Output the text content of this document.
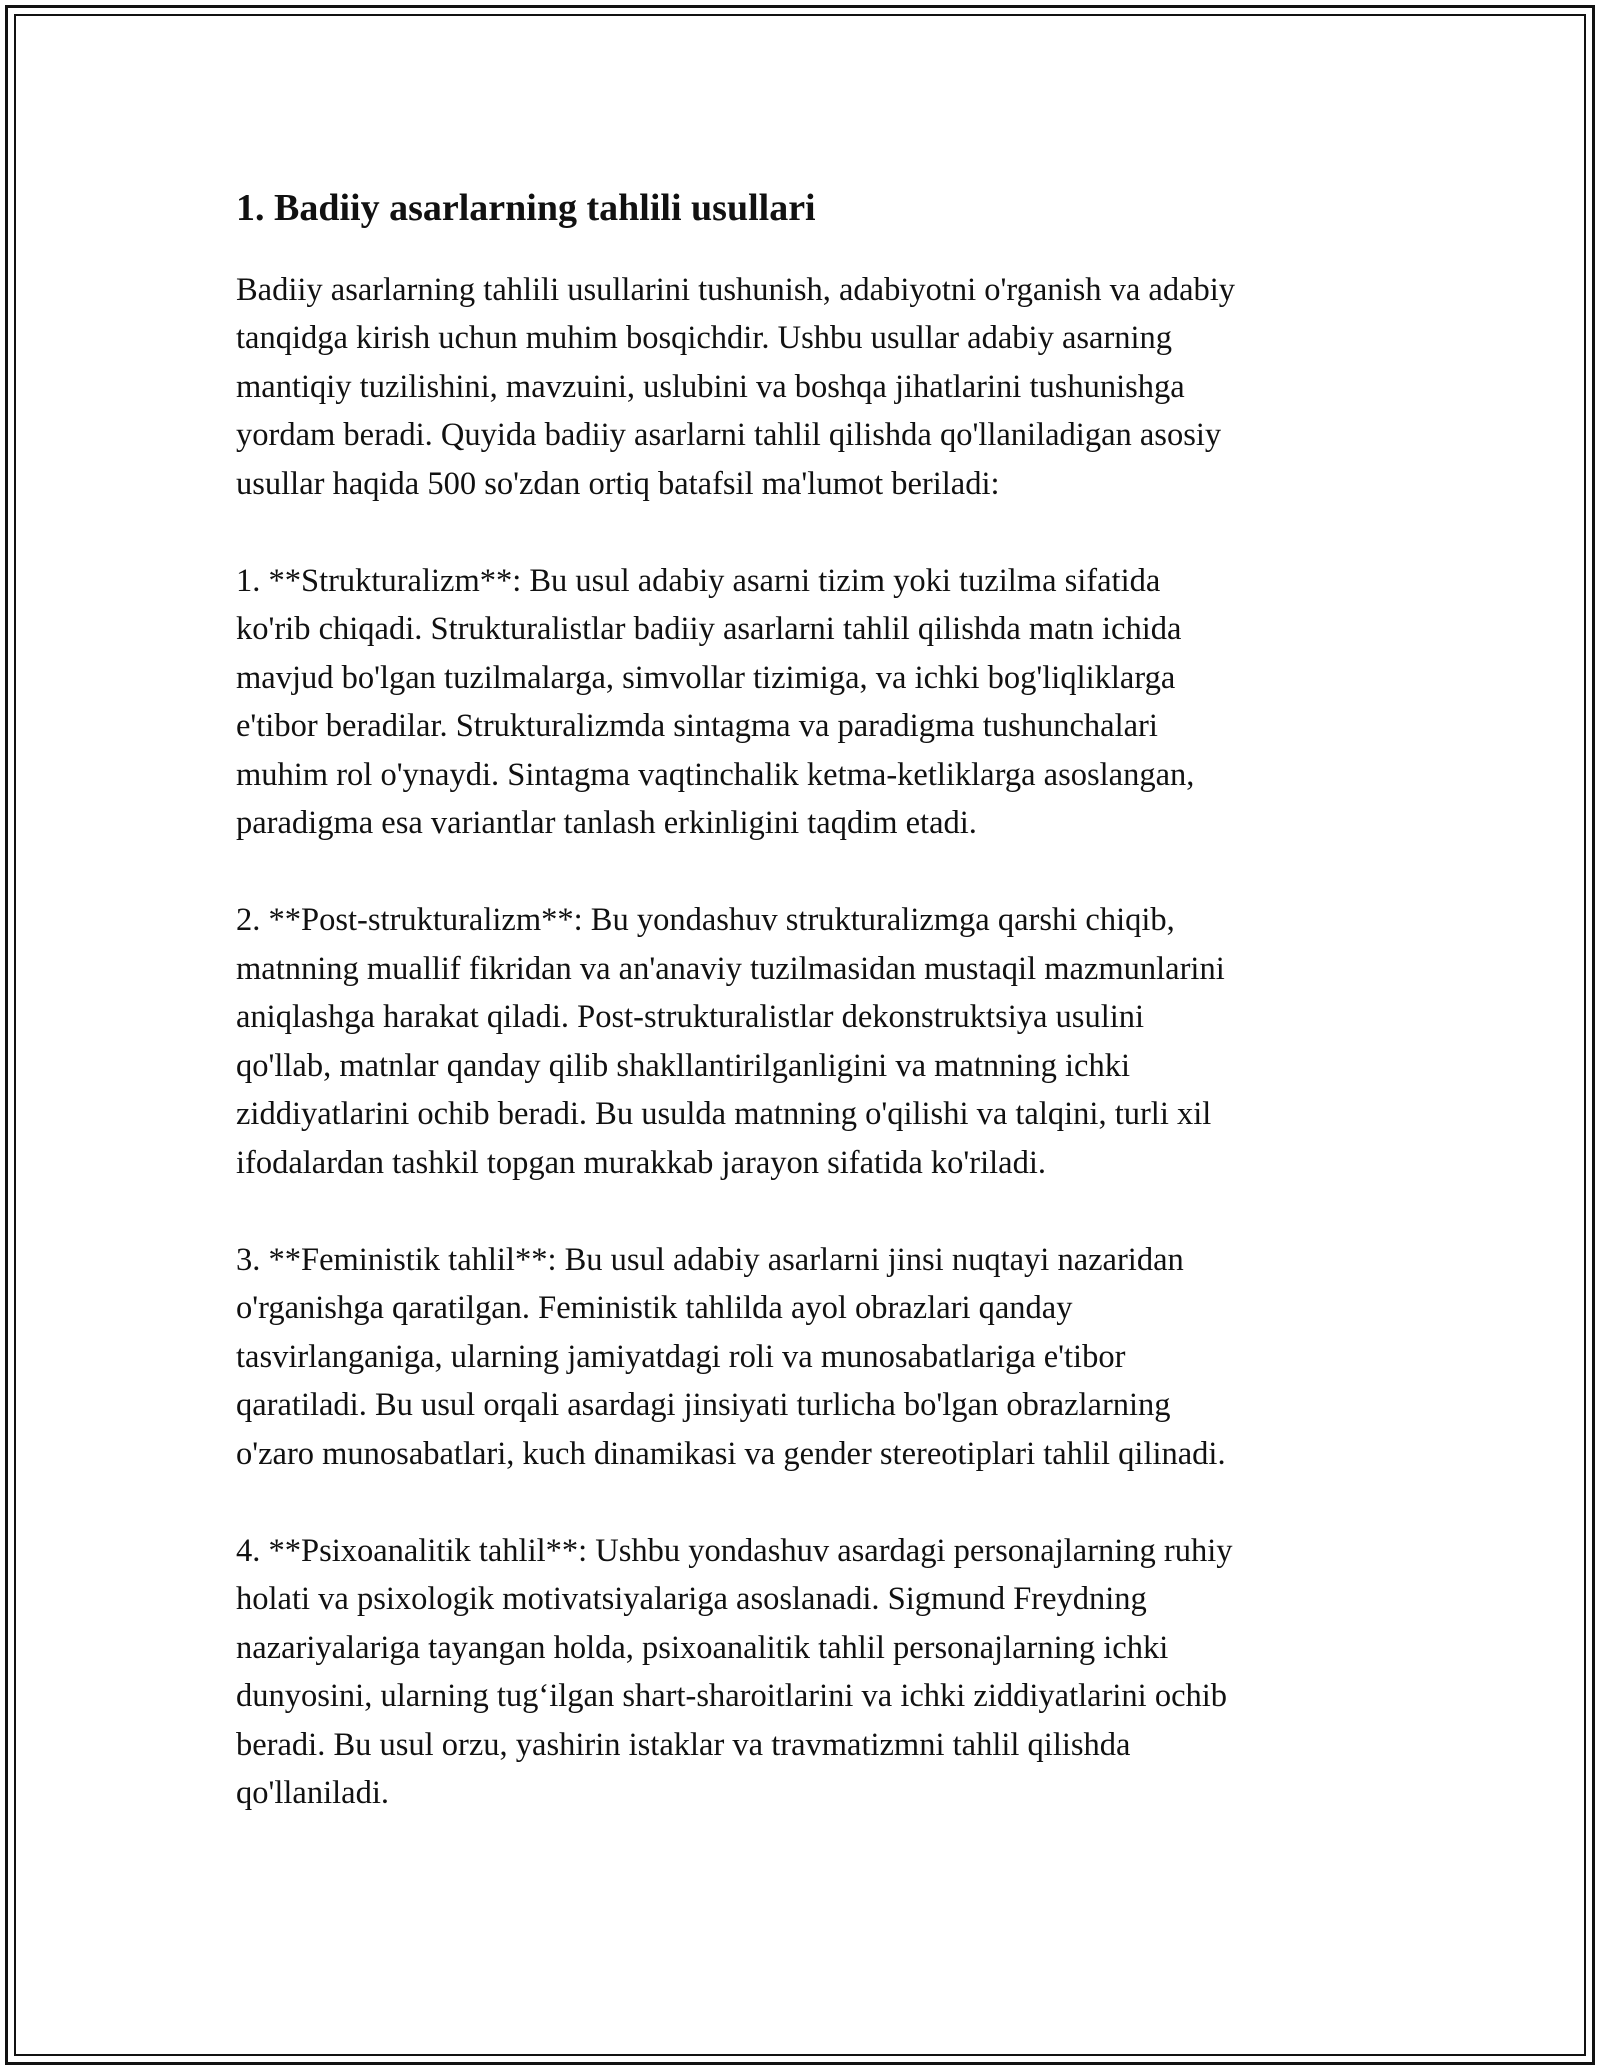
1. Badiiy asarlarning tahlili usullari

Badiiy asarlarning tahlili usullarini tushunish, adabiyotni o'rganish va adabiy
tanqidga kirish uchun muhim bosqichdir. Ushbu usullar adabiy asarning
mantiqiy tuzilishini, mavzuini, uslubini va boshqa jihatlarini tushunishga
yordam beradi. Quyida badiiy asarlarni tahlil qilishda qo'llaniladigan asosiy
usullar haqida 500 so'zdan ortiq batafsil ma'lumot beriladi:

1. **Strukturalizm**: Bu usul adabiy asarni tizim yoki tuzilma sifatida
ko'rib chiqadi. Strukturalistlar badiiy asarlarni tahlil qilishda matn ichida
mavjud bo'lgan tuzilmalarga, simvollar tizimiga, va ichki bog'liqliklarga
e'tibor beradilar. Strukturalizmda sintagma va paradigma tushunchalari
muhim rol o'ynaydi. Sintagma vaqtinchalik ketma-ketliklarga asoslangan,
paradigma esa variantlar tanlash erkinligini taqdim etadi.

2. **Post-strukturalizm**: Bu yondashuv strukturalizmga qarshi chiqib,
matnning muallif fikridan va an'anaviy tuzilmasidan mustaqil mazmunlarini
aniqlashga harakat qiladi. Post-strukturalistlar dekonstruktsiya usulini
qo'llab, matnlar qanday qilib shakllantirilganligini va matnning ichki
ziddiyatlarini ochib beradi. Bu usulda matnning o'qilishi va talqini, turli xil
ifodalardan tashkil topgan murakkab jarayon sifatida ko'riladi.

3. **Feministik tahlil**: Bu usul adabiy asarlarni jinsi nuqtayi nazaridan
o'rganishga qaratilgan. Feministik tahlilda ayol obrazlari qanday
tasvirlanganiga, ularning jamiyatdagi roli va munosabatlariga e'tibor
qaratiladi. Bu usul orqali asardagi jinsiyati turlicha bo'lgan obrazlarning
o'zaro munosabatlari, kuch dinamikasi va gender stereotiplari tahlil qilinadi.

4. **Psixoanalitik tahlil**: Ushbu yondashuv asardagi personajlarning ruhiy
holati va psixologik motivatsiyalariga asoslanadi. Sigmund Freydning
nazariyalariga tayangan holda, psixoanalitik tahlil personajlarning ichki
dunyosini, ularning tug‘ilgan shart-sharoitlarini va ichki ziddiyatlarini ochib
beradi. Bu usul orzu, yashirin istaklar va travmatizmni tahlil qilishda
qo'llaniladi.
